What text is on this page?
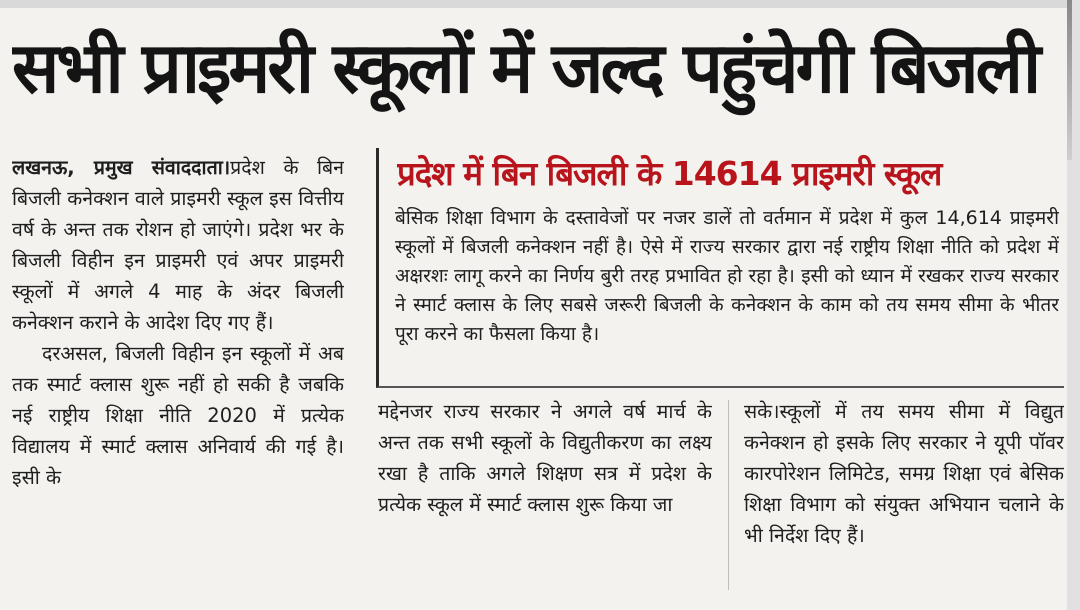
सभी प्राइमरी स्कूलों में जल्द पहुंचेगी बिजली

लखनऊ, प्रमुख संवाददाता।प्रदेश के बिन बिजली कनेक्शन वाले प्राइमरी स्कूल इस वित्तीय वर्ष के अन्त तक रोशन हो जाएंगे। प्रदेश भर के बिजली विहीन इन प्राइमरी एवं अपर प्राइमरी स्कूलों में अगले 4 माह के अंदर बिजली कनेक्शन कराने के आदेश दिए गए हैं।

दरअसल, बिजली विहीन इन स्कूलों में अब तक स्मार्ट क्लास शुरू नहीं हो सकी है जबकि नई राष्ट्रीय शिक्षा नीति 2020 में प्रत्येक विद्यालय में स्मार्ट क्लास अनिवार्य की गई है। इसी के

प्रदेश में बिन बिजली के 14614 प्राइमरी स्कूल
बेसिक शिक्षा विभाग के दस्तावेजों पर नजर डालें तो वर्तमान में प्रदेश में कुल 14,614 प्राइमरी स्कूलों में बिजली कनेक्शन नहीं है। ऐसे में राज्य सरकार द्वारा नई राष्ट्रीय शिक्षा नीति को प्रदेश में अक्षरशः लागू करने का निर्णय बुरी तरह प्रभावित हो रहा है। इसी को ध्यान में रखकर राज्य सरकार ने स्मार्ट क्लास के लिए सबसे जरूरी बिजली के कनेक्शन के काम को तय समय सीमा के भीतर पूरा करने का फैसला किया है।

मद्देनजर राज्य सरकार ने अगले वर्ष मार्च के अन्त तक सभी स्कूलों के विद्युतीकरण का लक्ष्य रखा है ताकि अगले शिक्षण सत्र में प्रदेश के प्रत्येक स्कूल में स्मार्ट क्लास शुरू किया जा

सके।स्कूलों में तय समय सीमा में विद्युत कनेक्शन हो इसके लिए सरकार ने यूपी पॉवर कारपोरेशन लिमिटेड, समग्र शिक्षा एवं बेसिक शिक्षा विभाग को संयुक्त अभियान चलाने के भी निर्देश दिए हैं।
